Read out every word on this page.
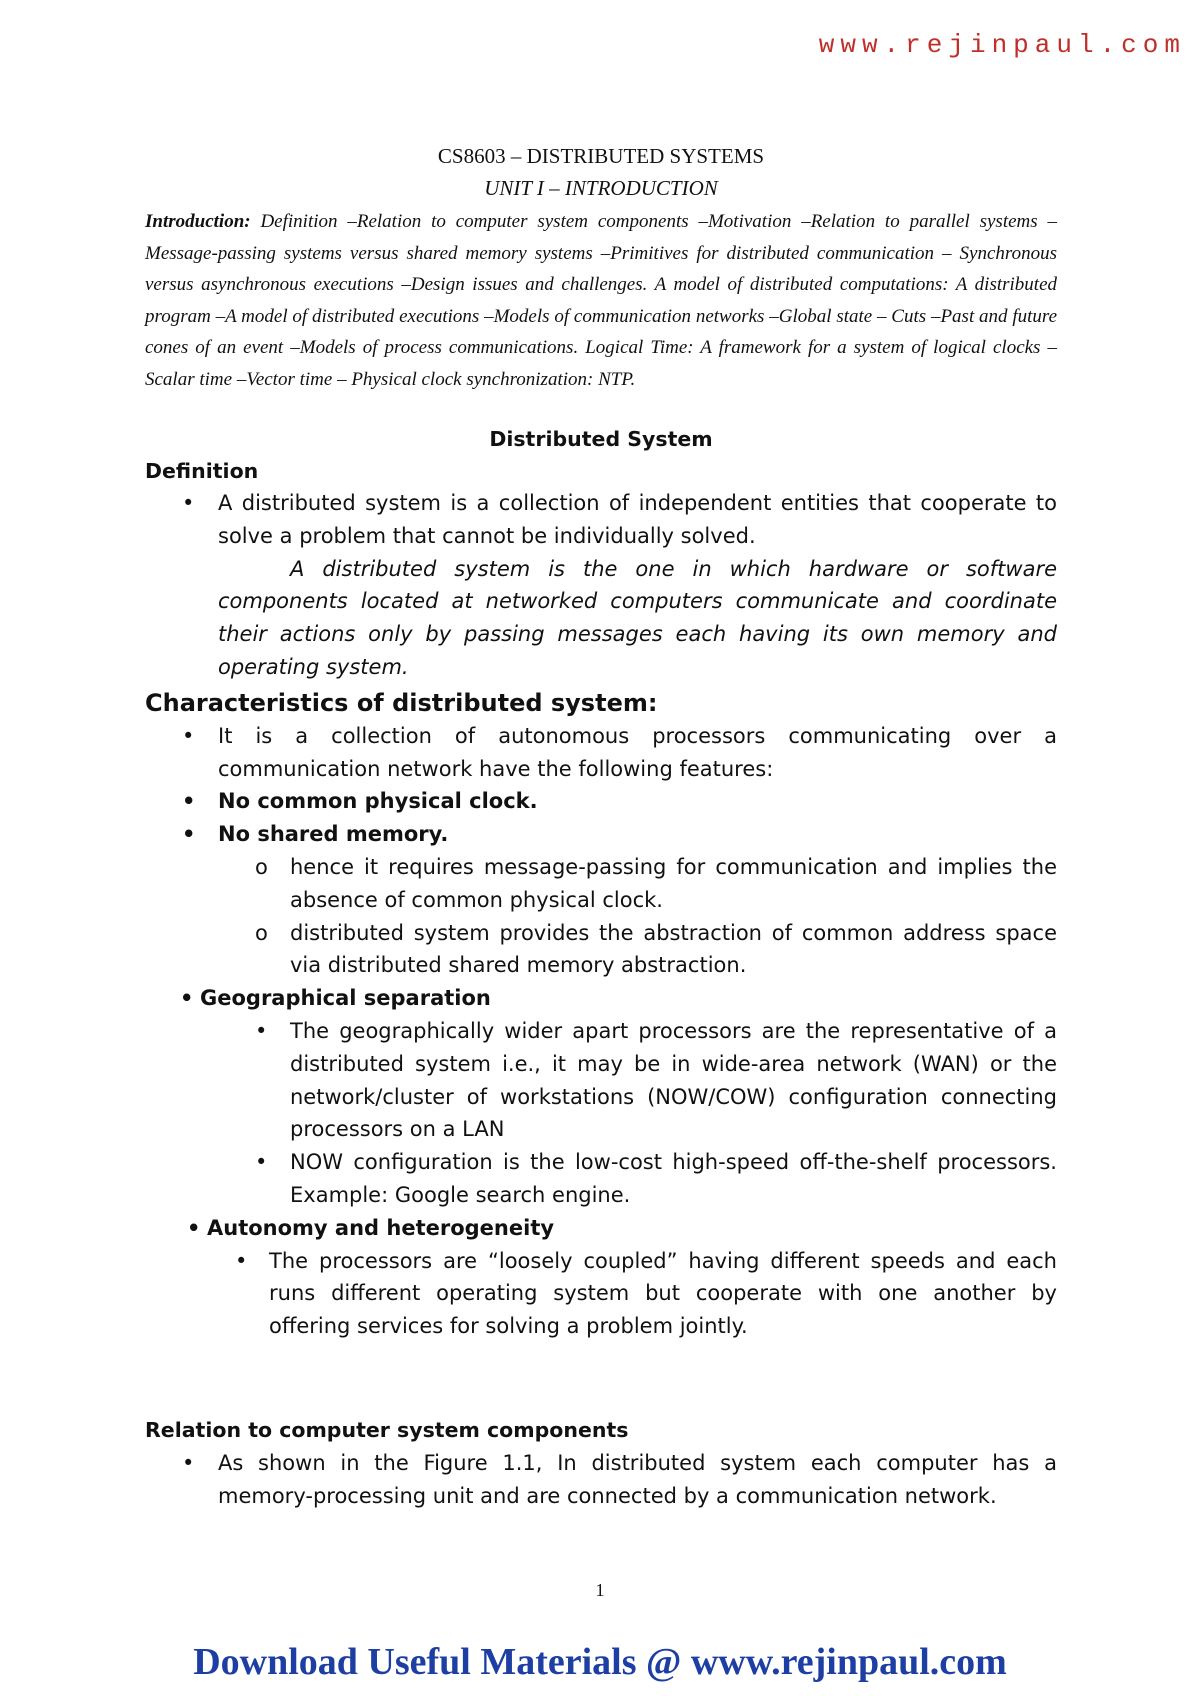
www.rejinpaul.com

CS8603 – DISTRIBUTED SYSTEMS

UNIT I – INTRODUCTION

Introduction: Definition –Relation to computer system components –Motivation –Relation to parallel systems – Message-passing systems versus shared memory systems –Primitives for distributed communication – Synchronous versus asynchronous executions –Design issues and challenges. A model of distributed computations: A distributed program –A model of distributed executions –Models of communication networks –Global state – Cuts –Past and future cones of an event –Models of process communications. Logical Time: A framework for a system of logical clocks –Scalar time –Vector time – Physical clock synchronization: NTP.

Distributed System

Definition

• A distributed system is a collection of independent entities that cooperate to solve a problem that cannot be individually solved.

A distributed system is the one in which hardware or software components located at networked computers communicate and coordinate their actions only by passing messages each having its own memory and operating system.

Characteristics of distributed system:

• It is a collection of autonomous processors communicating over a communication network have the following features:
• No common physical clock.
• No shared memory.
o hence it requires message-passing for communication and implies the absence of common physical clock.
o distributed system provides the abstraction of common address space via distributed shared memory abstraction.
• Geographical separation
• The geographically wider apart processors are the representative of a distributed system i.e., it may be in wide-area network (WAN) or the network/cluster of workstations (NOW/COW) configuration connecting processors on a LAN
• NOW configuration is the low-cost high-speed off-the-shelf processors. Example: Google search engine.
• Autonomy and heterogeneity
• The processors are “loosely coupled” having different speeds and each runs different operating system but cooperate with one another by offering services for solving a problem jointly.

Relation to computer system components

• As shown in the Figure 1.1, In distributed system each computer has a memory-processing unit and are connected by a communication network.
1
Download Useful Materials @ www.rejinpaul.com
